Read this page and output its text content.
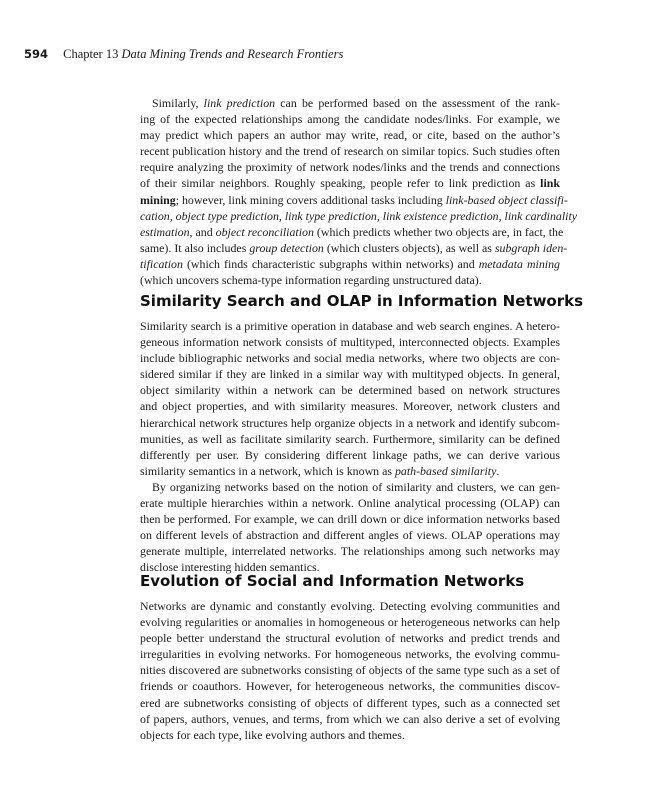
594 Chapter 13 Data Mining Trends and Research Frontiers
Similarly, link prediction can be performed based on the assessment of the rank-
ing of the expected relationships among the candidate nodes/links. For example, we
may predict which papers an author may write, read, or cite, based on the author’s
recent publication history and the trend of research on similar topics. Such studies often
require analyzing the proximity of network nodes/links and the trends and connections
of their similar neighbors. Roughly speaking, people refer to link prediction as link
mining; however, link mining covers additional tasks including link-based object classifi-
cation, object type prediction, link type prediction, link existence prediction, link cardinality
estimation, and object reconciliation (which predicts whether two objects are, in fact, the
same). It also includes group detection (which clusters objects), as well as subgraph iden-
tification (which finds characteristic subgraphs within networks) and metadata mining
(which uncovers schema-type information regarding unstructured data).
Similarity Search and OLAP in Information Networks
Similarity search is a primitive operation in database and web search engines. A hetero-
geneous information network consists of multityped, interconnected objects. Examples
include bibliographic networks and social media networks, where two objects are con-
sidered similar if they are linked in a similar way with multityped objects. In general,
object similarity within a network can be determined based on network structures
and object properties, and with similarity measures. Moreover, network clusters and
hierarchical network structures help organize objects in a network and identify subcom-
munities, as well as facilitate similarity search. Furthermore, similarity can be defined
differently per user. By considering different linkage paths, we can derive various
similarity semantics in a network, which is known as path-based similarity.
By organizing networks based on the notion of similarity and clusters, we can gen-
erate multiple hierarchies within a network. Online analytical processing (OLAP) can
then be performed. For example, we can drill down or dice information networks based
on different levels of abstraction and different angles of views. OLAP operations may
generate multiple, interrelated networks. The relationships among such networks may
disclose interesting hidden semantics.
Evolution of Social and Information Networks
Networks are dynamic and constantly evolving. Detecting evolving communities and
evolving regularities or anomalies in homogeneous or heterogeneous networks can help
people better understand the structural evolution of networks and predict trends and
irregularities in evolving networks. For homogeneous networks, the evolving commu-
nities discovered are subnetworks consisting of objects of the same type such as a set of
friends or coauthors. However, for heterogeneous networks, the communities discov-
ered are subnetworks consisting of objects of different types, such as a connected set
of papers, authors, venues, and terms, from which we can also derive a set of evolving
objects for each type, like evolving authors and themes.
